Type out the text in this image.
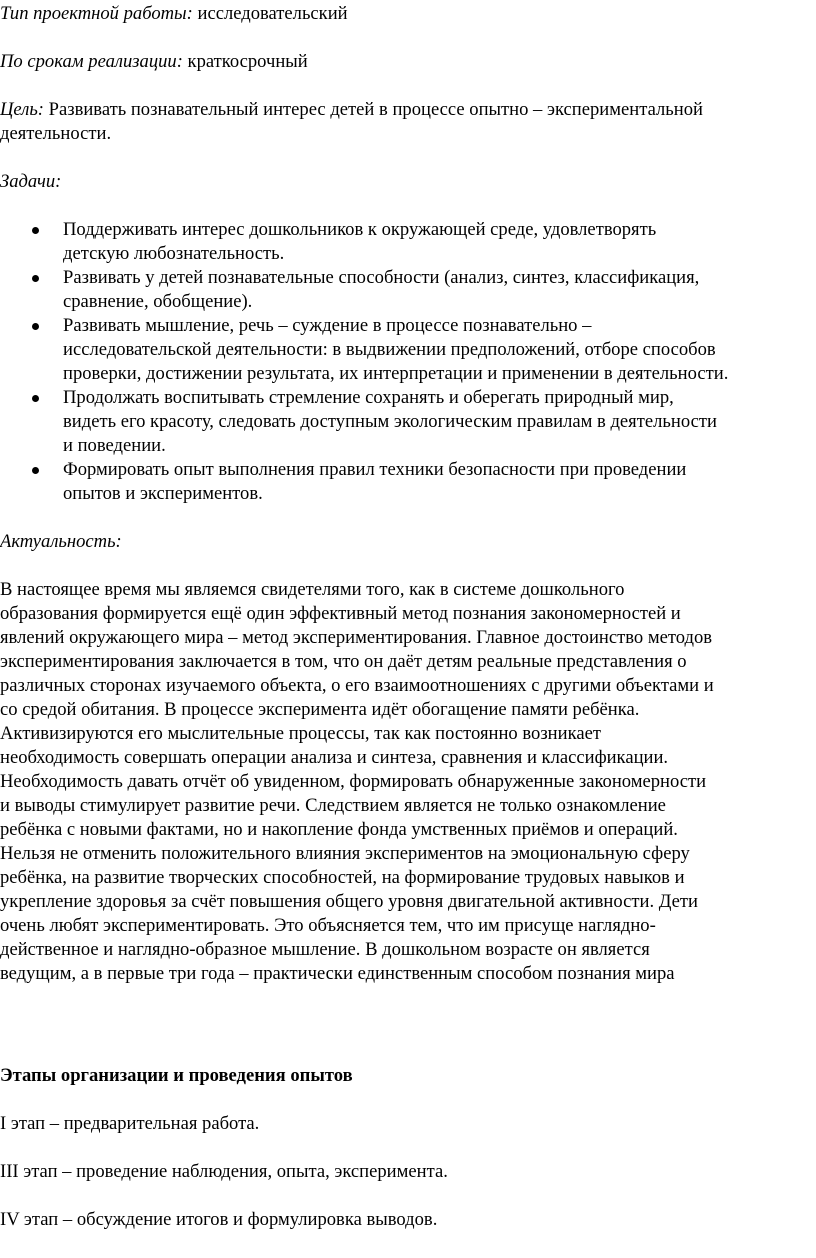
Тип проектной работы: исследовательский
По срокам реализации: краткосрочный
Цель: Развивать познавательный интерес детей в процессе опытно – экспериментальной
деятельности.
Задачи:
Поддерживать интерес дошкольников к окружающей среде, удовлетворять
детскую любознательность.
Развивать у детей познавательные способности (анализ, синтез, классификация,
сравнение, обобщение).
Развивать мышление, речь – суждение в процессе познавательно –
исследовательской деятельности: в выдвижении предположений, отборе способов
проверки, достижении результата, их интерпретации и применении в деятельности.
Продолжать воспитывать стремление сохранять и оберегать природный мир,
видеть его красоту, следовать доступным экологическим правилам в деятельности
и поведении.
Формировать опыт выполнения правил техники безопасности при проведении
опытов и экспериментов.
Актуальность:
В настоящее время мы являемся свидетелями того, как в системе дошкольного
образования формируется ещё один эффективный метод познания закономерностей и
явлений окружающего мира – метод экспериментирования. Главное достоинство методов
экспериментирования заключается в том, что он даёт детям реальные представления о
различных сторонах изучаемого объекта, о его взаимоотношениях с другими объектами и
со средой обитания. В процессе эксперимента идёт обогащение памяти ребёнка.
Активизируются его мыслительные процессы, так как постоянно возникает
необходимость совершать операции анализа и синтеза, сравнения и классификации.
Необходимость давать отчёт об увиденном, формировать обнаруженные закономерности
и выводы стимулирует развитие речи. Следствием является не только ознакомление
ребёнка с новыми фактами, но и накопление фонда умственных приёмов и операций.
Нельзя не отменить положительного влияния экспериментов на эмоциональную сферу
ребёнка, на развитие творческих способностей, на формирование трудовых навыков и
укрепление здоровья за счёт повышения общего уровня двигательной активности. Дети
очень любят экспериментировать. Это объясняется тем, что им присуще наглядно-
действенное и наглядно-образное мышление. В дошкольном возрасте он является
ведущим, а в первые три года – практически единственным способом познания мира
Этапы организации и проведения опытов
I этап – предварительная работа.
III этап – проведение наблюдения, опыта, эксперимента.
IV этап – обсуждение итогов и формулировка выводов.
